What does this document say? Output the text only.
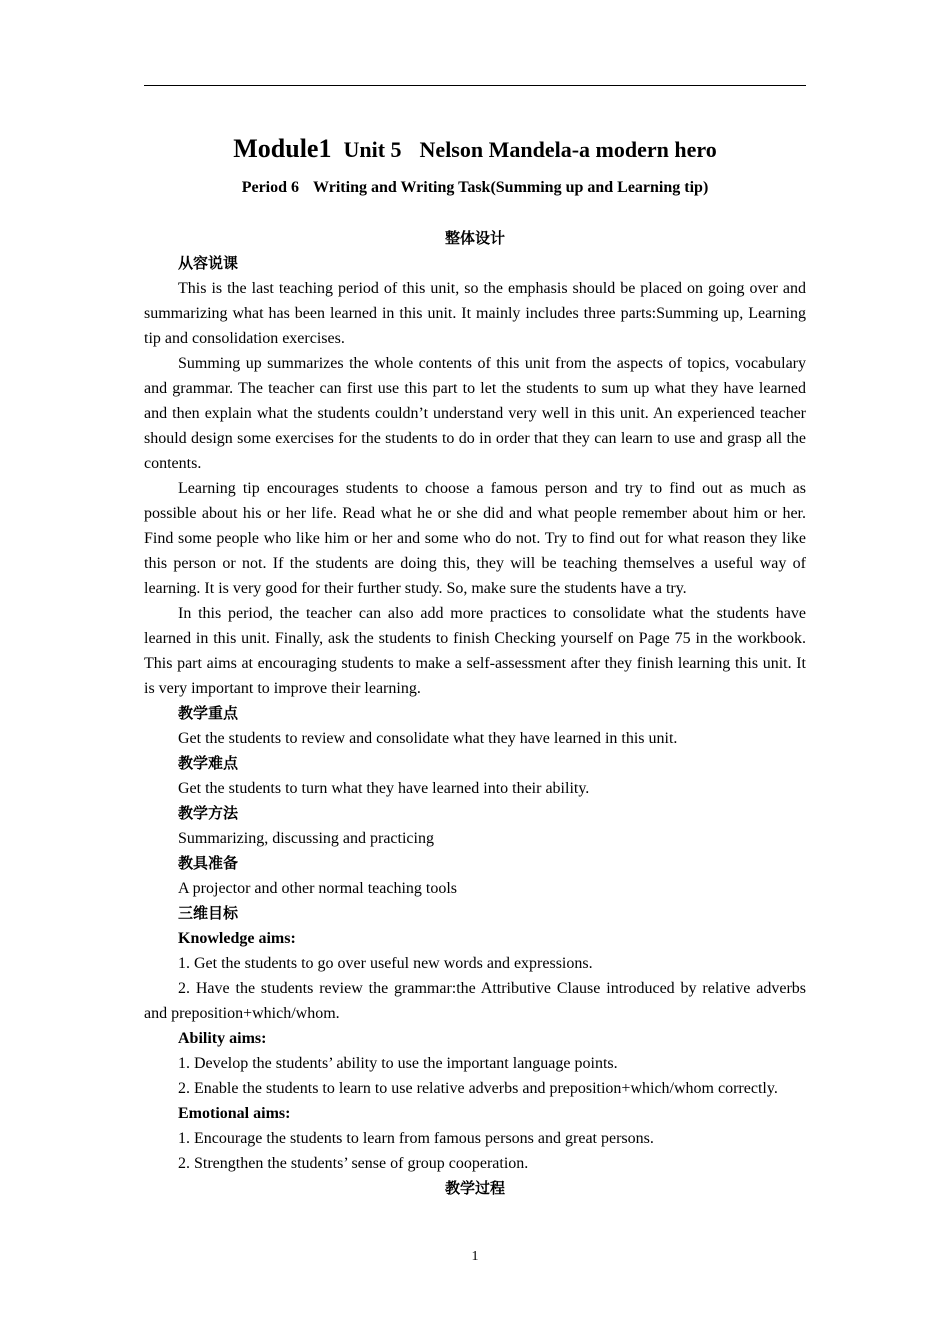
Module1 Unit 5 Nelson Mandela-a modern hero
Period 6 Writing and Writing Task(Summing up and Learning tip)
整体设计
从容说课

This is the last teaching period of this unit, so the emphasis should be placed on going over and summarizing what has been learned in this unit. It mainly includes three parts:Summing up, Learning tip and consolidation exercises.

Summing up summarizes the whole contents of this unit from the aspects of topics, vocabulary and grammar. The teacher can first use this part to let the students to sum up what they have learned and then explain what the students couldn’t understand very well in this unit. An experienced teacher should design some exercises for the students to do in order that they can learn to use and grasp all the contents.

Learning tip encourages students to choose a famous person and try to find out as much as possible about his or her life. Read what he or she did and what people remember about him or her. Find some people who like him or her and some who do not. Try to find out for what reason they like this person or not. If the students are doing this, they will be teaching themselves a useful way of learning. It is very good for their further study. So, make sure the students have a try.

In this period, the teacher can also add more practices to consolidate what the students have learned in this unit. Finally, ask the students to finish Checking yourself on Page 75 in the workbook. This part aims at encouraging students to make a self-assessment after they finish learning this unit. It is very important to improve their learning.

教学重点

Get the students to review and consolidate what they have learned in this unit.

教学难点

Get the students to turn what they have learned into their ability.

教学方法

Summarizing, discussing and practicing

教具准备

A projector and other normal teaching tools

三维目标
Knowledge aims:

1. Get the students to go over useful new words and expressions.

2. Have the students review the grammar:the Attributive Clause introduced by relative adverbs and preposition+which/whom.

Ability aims:

1. Develop the students’ ability to use the important language points.

2. Enable the students to learn to use relative adverbs and preposition+which/whom correctly.

Emotional aims:

1. Encourage the students to learn from famous persons and great persons.

2. Strengthen the students’ sense of group cooperation.

教学过程
1
